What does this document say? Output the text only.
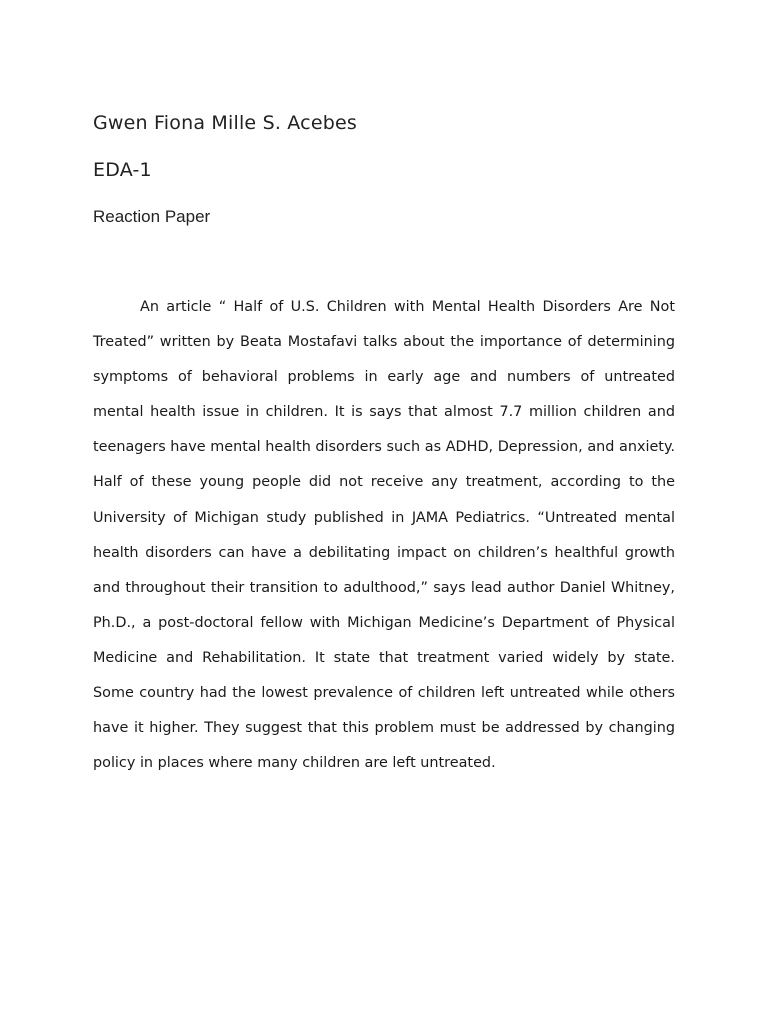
Gwen Fiona Mille S. Acebes
EDA-1
Reaction Paper

An article “ Half of U.S. Children with Mental Health Disorders Are Not Treated” written by Beata Mostafavi talks about the importance of determining symptoms of behavioral problems in early age and numbers of untreated mental health issue in children. It is says that almost 7.7 million children and teenagers have mental health disorders such as ADHD, Depression, and anxiety. Half of these young people did not receive any treatment, according to the University of Michigan study published in JAMA Pediatrics. “Untreated mental health disorders can have a debilitating impact on children’s healthful growth and throughout their transition to adulthood,” says lead author Daniel Whitney, Ph.D., a post-doctoral fellow with Michigan Medicine’s Department of Physical Medicine and Rehabilitation. It state that treatment varied widely by state. Some country had the lowest prevalence of children left untreated while others have it higher. They suggest that this problem must be addressed by changing policy in places where many children are left untreated.
